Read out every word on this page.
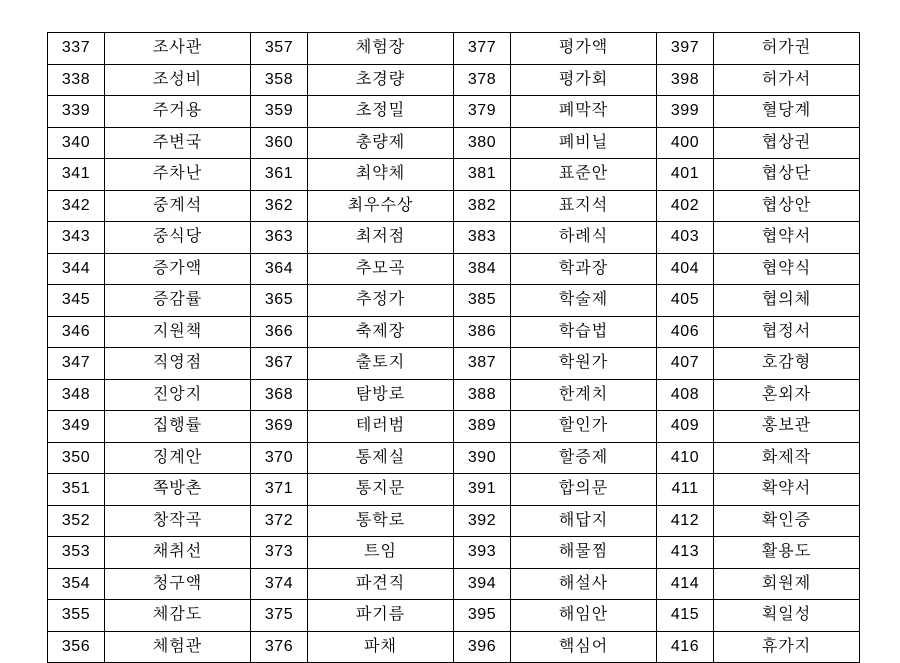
337	조사관	357	체험장	377	평가액	397	허가권
338	조성비	358	초경량	378	평가회	398	허가서
339	주거용	359	초정밀	379	폐막작	399	혈당계
340	주변국	360	총량제	380	폐비닐	400	협상권
341	주차난	361	최약체	381	표준안	401	협상단
342	중계석	362	최우수상	382	표지석	402	협상안
343	중식당	363	최저점	383	하례식	403	협약서
344	증가액	364	추모곡	384	학과장	404	협약식
345	증감률	365	추정가	385	학술제	405	협의체
346	지원책	366	축제장	386	학습법	406	협정서
347	직영점	367	출토지	387	학원가	407	호감형
348	진앙지	368	탐방로	388	한계치	408	혼외자
349	집행률	369	테러범	389	할인가	409	홍보관
350	징계안	370	통제실	390	할증제	410	화제작
351	쪽방촌	371	통지문	391	합의문	411	확약서
352	창작곡	372	통학로	392	해답지	412	확인증
353	채취선	373	트임	393	해물찜	413	활용도
354	청구액	374	파견직	394	해설사	414	회원제
355	체감도	375	파기름	395	해임안	415	획일성
356	체험관	376	파채	396	핵심어	416	휴가지
